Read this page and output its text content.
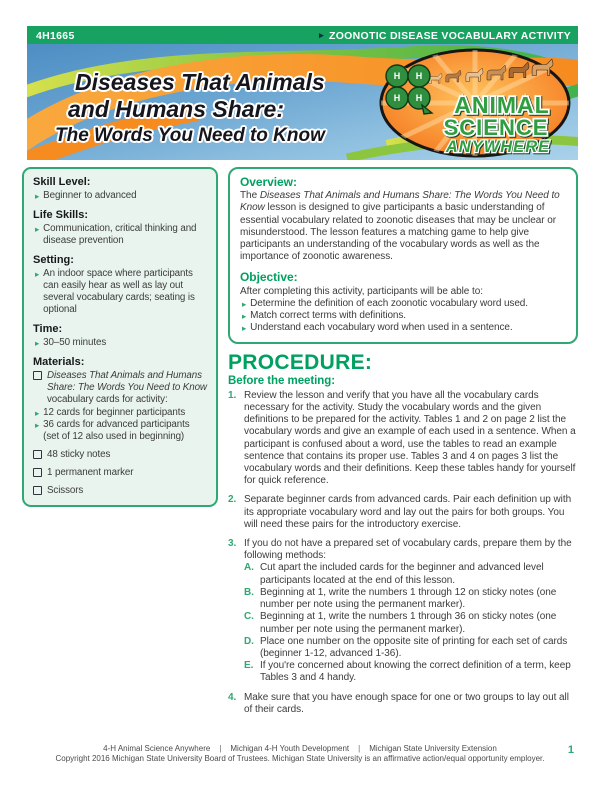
4H1665	▸ ZOONOTIC DISEASE VOCABULARY ACTIVITY
Diseases That Animals
and Humans Share:
The Words You Need to Know
H H
H H ANIMAL
SCIENCE
ANYWHERE
Skill Level:
▸ Beginner to advanced
Life Skills:
▸ Communication, critical thinking and disease prevention
Setting:
▸ An indoor space where participants can easily hear as well as lay out several vocabulary cards; seating is optional
Time:
▸ 30–50 minutes
Materials:
Diseases That Animals and Humans Share: The Words You Need to Know vocabulary cards for activity:
▸ 12 cards for beginner participants
▸ 36 cards for advanced participants (set of 12 also used in beginning)
48 sticky notes
1 permanent marker
Scissors
Overview:
The Diseases That Animals and Humans Share: The Words You Need to Know lesson is designed to give participants a basic understanding of essential vocabulary related to zoonotic diseases that may be unclear or misunderstood. The lesson features a matching game to help give participants an understanding of the vocabulary words as well as the importance of zoonotic awareness.
Objective:
After completing this activity, participants will be able to:
▸ Determine the definition of each zoonotic vocabulary word used.
▸ Match correct terms with definitions.
▸ Understand each vocabulary word when used in a sentence.
PROCEDURE:
Before the meeting:
1. Review the lesson and verify that you have all the vocabulary cards necessary for the activity. Study the vocabulary words and the given definitions to be prepared for the activity. Tables 1 and 2 on page 2 list the vocabulary words and give an example of each used in a sentence. When a participant is confused about a word, use the tables to read an example sentence that contains its proper use. Tables 3 and 4 on pages 3 list the vocabulary words and their definitions. Keep these tables handy for yourself for quick reference.
2. Separate beginner cards from advanced cards. Pair each definition up with its appropriate vocabulary word and lay out the pairs for both groups. You will need these pairs for the introductory exercise.
3. If you do not have a prepared set of vocabulary cards, prepare them by the following methods:
A. Cut apart the included cards for the beginner and advanced level participants located at the end of this lesson.
B. Beginning at 1, write the numbers 1 through 12 on sticky notes (one number per note using the permanent marker).
C. Beginning at 1, write the numbers 1 through 36 on sticky notes (one number per note using the permanent marker).
D. Place one number on the opposite site of printing for each set of cards (beginner 1-12, advanced 1-36).
E. If you're concerned about knowing the correct definition of a term, keep Tables 3 and 4 handy.
4. Make sure that you have enough space for one or two groups to lay out all of their cards.
4-H Animal Science Anywhere | Michigan 4-H Youth Development | Michigan State University Extension
Copyright 2016 Michigan State University Board of Trustees. Michigan State University is an affirmative action/equal opportunity employer.
1
